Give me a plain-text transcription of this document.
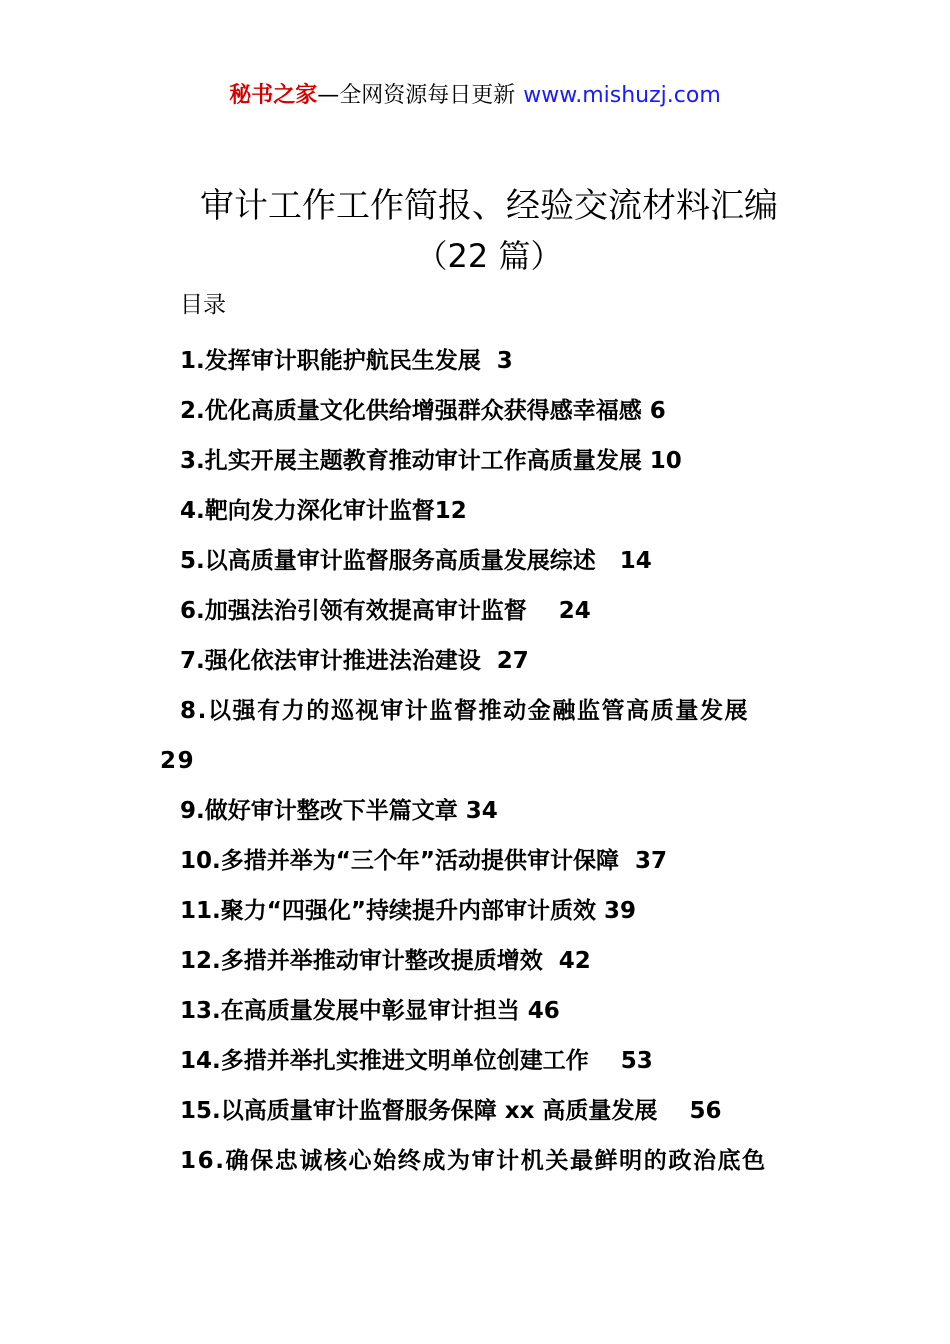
秘书之家—全网资源每日更新 www.mishuzj.com
审计工作工作简报、经验交流材料汇编
（22 篇）
目录
1.发挥审计职能护航民生发展  3
2.优化高质量文化供给增强群众获得感幸福感 6
3.扎实开展主题教育推动审计工作高质量发展 10
4.靶向发力深化审计监督12
5.以高质量审计监督服务高质量发展综述   14
6.加强法治引领有效提高审计监督    24
7.强化依法审计推进法治建设  27
8.以强有力的巡视审计监督推动金融监管高质量发展
29
9.做好审计整改下半篇文章 34
10.多措并举为“三个年”活动提供审计保障  37
11.聚力“四强化”持续提升内部审计质效 39
12.多措并举推动审计整改提质增效  42
13.在高质量发展中彰显审计担当 46
14.多措并举扎实推进文明单位创建工作    53
15.以高质量审计监督服务保障 xx 高质量发展    56
16.确保忠诚核心始终成为审计机关最鲜明的政治底色
